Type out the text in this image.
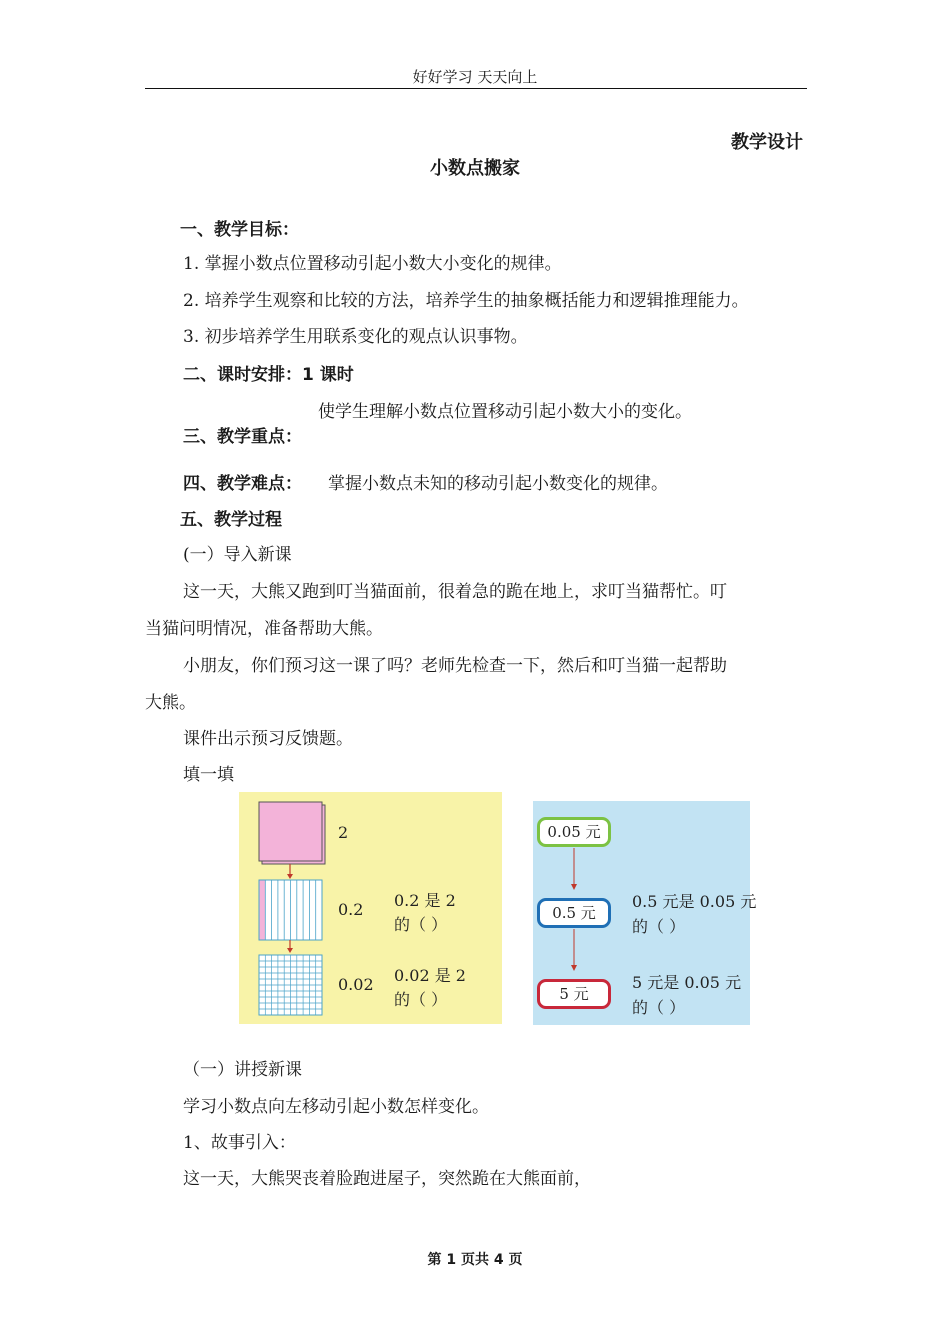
好好学习 天天向上
教学设计
小数点搬家
一、教学目标：
1. 掌握小数点位置移动引起小数大小变化的规律。
2. 培养学生观察和比较的方法，培养学生的抽象概括能力和逻辑推理能力。
3. 初步培养学生用联系变化的观点认识事物。
二、课时安排：1 课时
使学生理解小数点位置移动引起小数大小的变化。
三、教学重点：
四、教学难点： 掌握小数点未知的移动引起小数变化的规律。
五、教学过程
(一）导入新课
这一天，大熊又跑到叮当猫面前，很着急的跪在地上，求叮当猫帮忙。叮
当猫问明情况，准备帮助大熊。
小朋友，你们预习这一课了吗？老师先检查一下，然后和叮当猫一起帮助
大熊。
课件出示预习反馈题。
填一填
2
0.2 0.2 是 2
的（ ）
0.02 0.02 是 2
的（ ）
0.05 元
0.5 元
5 元
0.5 元是 0.05 元
的（ ）
5 元是 0.05 元
的（ ）
（一）讲授新课
学习小数点向左移动引起小数怎样变化。
1、故事引入：
这一天，大熊哭丧着脸跑进屋子，突然跪在大熊面前，
第 1 页共 4 页
